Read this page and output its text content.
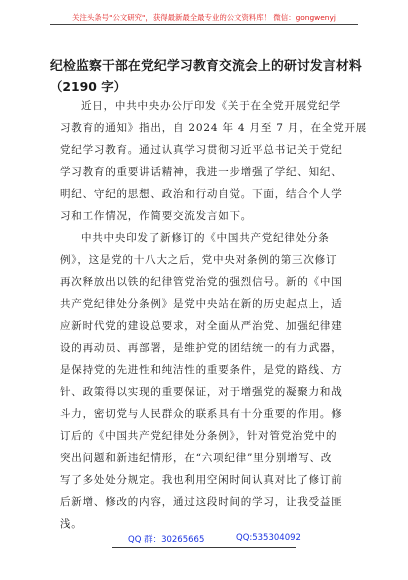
关注头条号"公文研究"，获得最新最全最专业的公文资料库！ 微信：gongwenyj
纪检监察干部在党纪学习教育交流会上的研讨发言材料
（2190 字）
近日，中共中央办公厅印发《关于在全党开展党纪学
习教育的通知》指出，自 2024 年 4 月至 7 月，在全党开展
党纪学习教育。通过认真学习贯彻习近平总书记关于党纪
学习教育的重要讲话精神，我进一步增强了学纪、知纪、
明纪、守纪的思想、政治和行动自觉。下面，结合个人学
习和工作情况，作简要交流发言如下。
中共中央印发了新修订的《中国共产党纪律处分条
例》，这是党的十八大之后，党中央对条例的第三次修订
再次释放出以铁的纪律管党治党的强烈信号。新的《中国
共产党纪律处分条例》是党中央站在新的历史起点上，适
应新时代党的建设总要求，对全面从严治党、加强纪律建
设的再动员、再部署，是维护党的团结统一的有力武器，
是保持党的先进性和纯洁性的重要条件，是党的路线、方
针、政策得以实现的重要保证，对于增强党的凝聚力和战
斗力，密切党与人民群众的联系具有十分重要的作用。修
订后的《中国共产党纪律处分条例》，针对管党治党中的
突出问题和新违纪情形，在“六项纪律”里分别增写、改
写了多处处分规定。我也利用空闲时间认真对比了修订前
后新增、修改的内容，通过这段时间的学习，让我受益匪
浅。
QQ 群：30265665	QQ:535304092
